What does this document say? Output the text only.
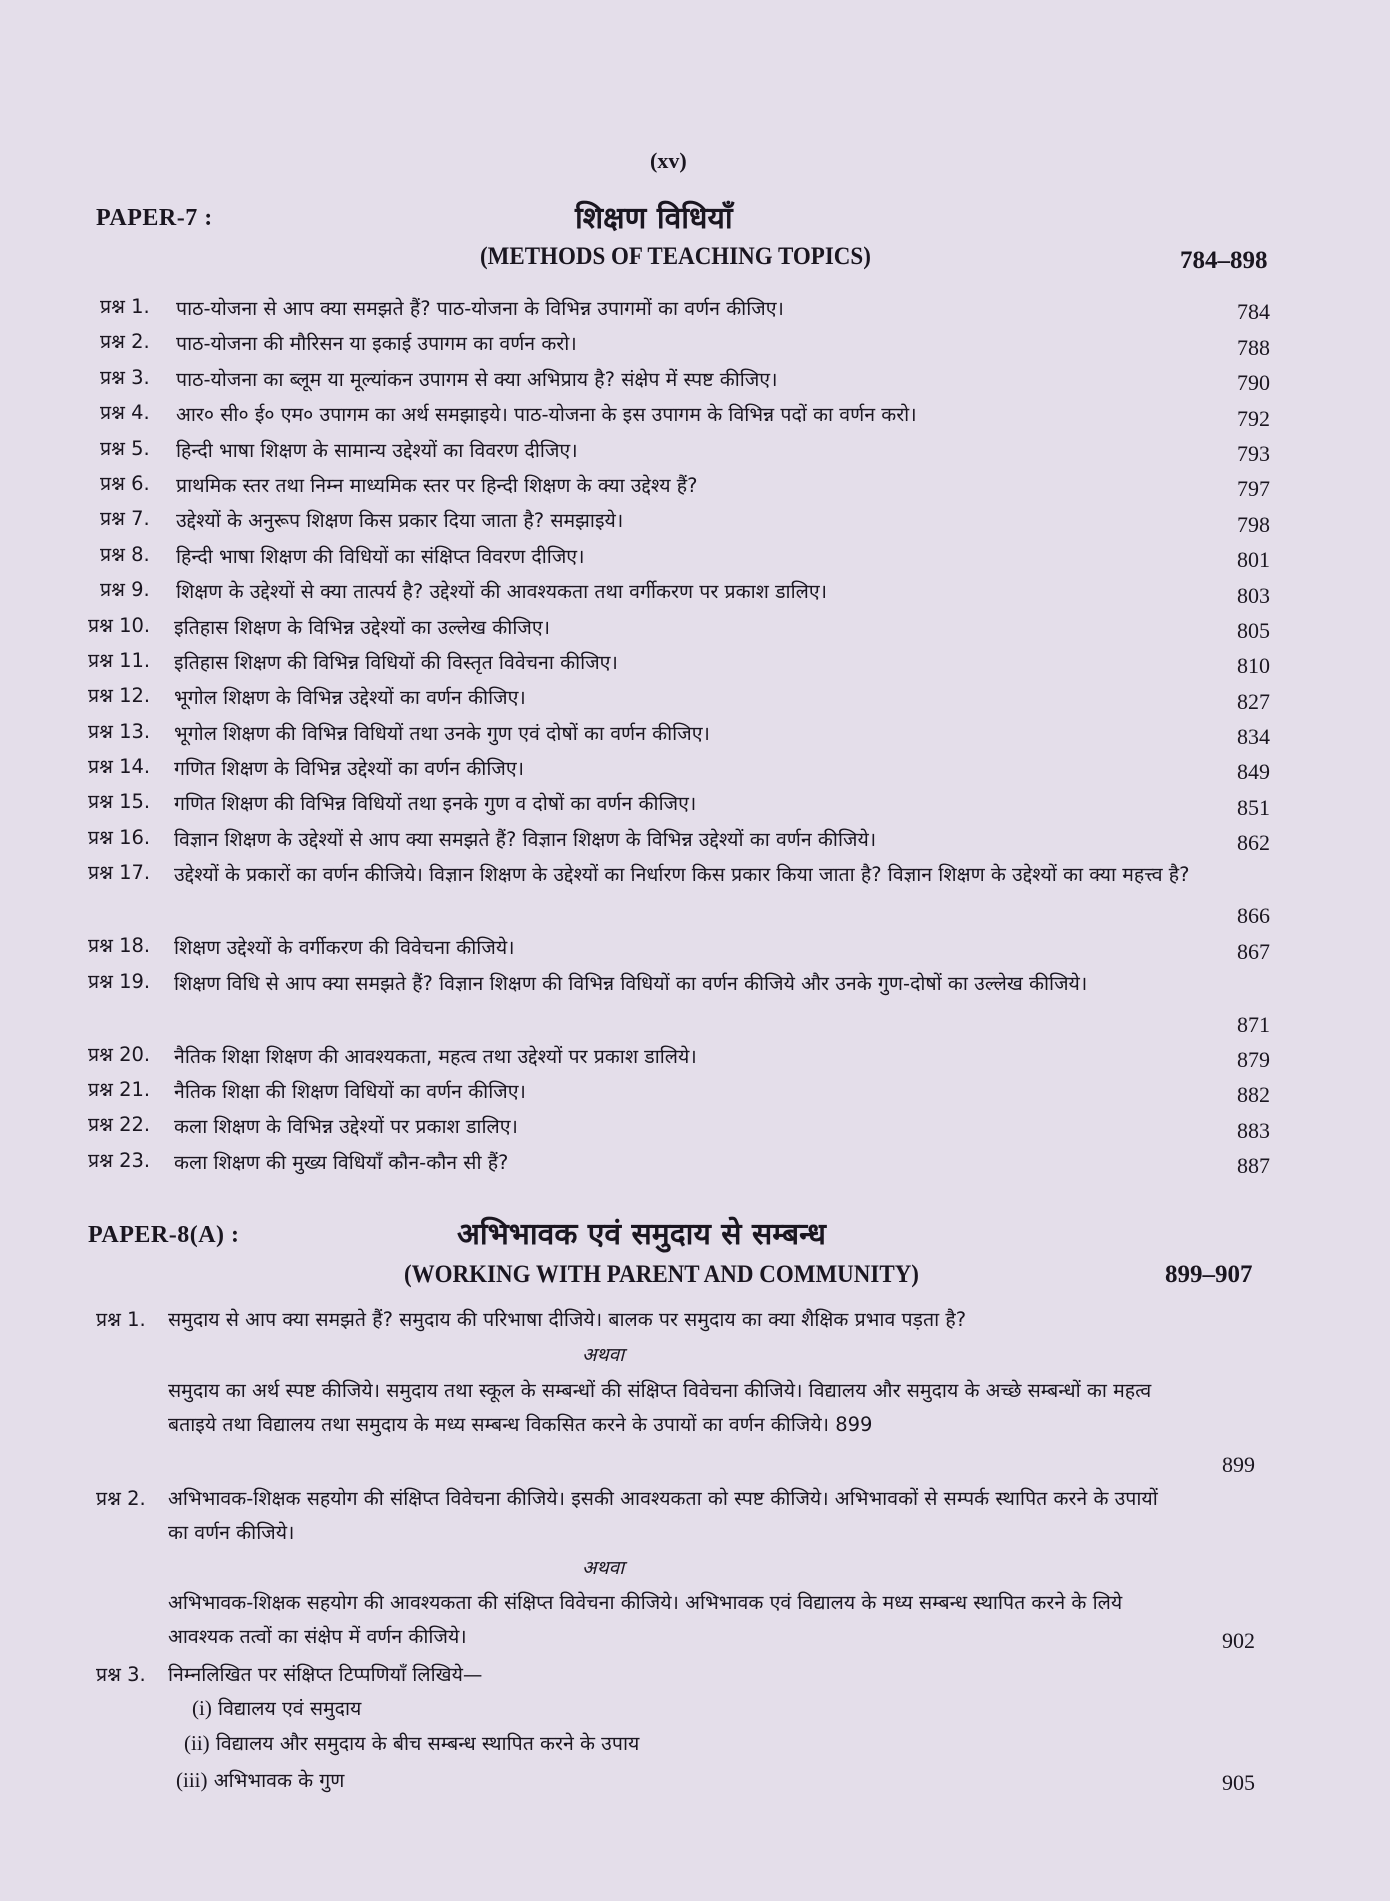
(xv)
PAPER-7 :	शिक्षण विधियाँ
(METHODS OF TEACHING TOPICS)	784–898
प्रश्न 1. पाठ-योजना से आप क्या समझते हैं? पाठ-योजना के विभिन्न उपागमों का वर्णन कीजिए।	784
प्रश्न 2. पाठ-योजना की मौरिसन या इकाई उपागम का वर्णन करो।	788
प्रश्न 3. पाठ-योजना का ब्लूम या मूल्यांकन उपागम से क्या अभिप्राय है? संक्षेप में स्पष्ट कीजिए।	790
प्रश्न 4. आर० सी० ई० एम० उपागम का अर्थ समझाइये। पाठ-योजना के इस उपागम के विभिन्न पदों का वर्णन करो।	792
प्रश्न 5. हिन्दी भाषा शिक्षण के सामान्य उद्देश्यों का विवरण दीजिए।	793
प्रश्न 6. प्राथमिक स्तर तथा निम्न माध्यमिक स्तर पर हिन्दी शिक्षण के क्या उद्देश्य हैं?	797
प्रश्न 7. उद्देश्यों के अनुरूप शिक्षण किस प्रकार दिया जाता है? समझाइये।	798
प्रश्न 8. हिन्दी भाषा शिक्षण की विधियों का संक्षिप्त विवरण दीजिए।	801
प्रश्न 9. शिक्षण के उद्देश्यों से क्या तात्पर्य है? उद्देश्यों की आवश्यकता तथा वर्गीकरण पर प्रकाश डालिए।	803
प्रश्न 10. इतिहास शिक्षण के विभिन्न उद्देश्यों का उल्लेख कीजिए।	805
प्रश्न 11. इतिहास शिक्षण की विभिन्न विधियों की विस्तृत विवेचना कीजिए।	810
प्रश्न 12. भूगोल शिक्षण के विभिन्न उद्देश्यों का वर्णन कीजिए।	827
प्रश्न 13. भूगोल शिक्षण की विभिन्न विधियों तथा उनके गुण एवं दोषों का वर्णन कीजिए।	834
प्रश्न 14. गणित शिक्षण के विभिन्न उद्देश्यों का वर्णन कीजिए।	849
प्रश्न 15. गणित शिक्षण की विभिन्न विधियों तथा इनके गुण व दोषों का वर्णन कीजिए।	851
प्रश्न 16. विज्ञान शिक्षण के उद्देश्यों से आप क्या समझते हैं? विज्ञान शिक्षण के विभिन्न उद्देश्यों का वर्णन कीजिये।	862
प्रश्न 17. उद्देश्यों के प्रकारों का वर्णन कीजिये। विज्ञान शिक्षण के उद्देश्यों का निर्धारण किस प्रकार किया जाता है? विज्ञान शिक्षण के उद्देश्यों का क्या महत्त्व है?
866
प्रश्न 18. शिक्षण उद्देश्यों के वर्गीकरण की विवेचना कीजिये।	867
प्रश्न 19. शिक्षण विधि से आप क्या समझते हैं? विज्ञान शिक्षण की विभिन्न विधियों का वर्णन कीजिये और उनके गुण-दोषों का उल्लेख कीजिये।
871
प्रश्न 20. नैतिक शिक्षा शिक्षण की आवश्यकता, महत्व तथा उद्देश्यों पर प्रकाश डालिये।	879
प्रश्न 21. नैतिक शिक्षा की शिक्षण विधियों का वर्णन कीजिए।	882
प्रश्न 22. कला शिक्षण के विभिन्न उद्देश्यों पर प्रकाश डालिए।	883
प्रश्न 23. कला शिक्षण की मुख्य विधियाँ कौन-कौन सी हैं?	887
PAPER-8(A) :	अभिभावक एवं समुदाय से सम्बन्ध
(WORKING WITH PARENT AND COMMUNITY)	899–907
प्रश्न 1. समुदाय से आप क्या समझते हैं? समुदाय की परिभाषा दीजिये। बालक पर समुदाय का क्या शैक्षिक प्रभाव पड़ता है?
अथवा
समुदाय का अर्थ स्पष्ट कीजिये। समुदाय तथा स्कूल के सम्बन्धों की संक्षिप्त विवेचना कीजिये। विद्यालय और समुदाय के अच्छे सम्बन्धों का महत्व बताइये तथा विद्यालय तथा समुदाय के मध्य सम्बन्ध विकसित करने के उपायों का वर्णन कीजिये। 899
899
प्रश्न 2. अभिभावक-शिक्षक सहयोग की संक्षिप्त विवेचना कीजिये। इसकी आवश्यकता को स्पष्ट कीजिये। अभिभावकों से सम्पर्क स्थापित करने के उपायों का वर्णन कीजिये।
अथवा
अभिभावक-शिक्षक सहयोग की आवश्यकता की संक्षिप्त विवेचना कीजिये। अभिभावक एवं विद्यालय के मध्य सम्बन्ध स्थापित करने के लिये आवश्यक तत्वों का संक्षेप में वर्णन कीजिये।	902
प्रश्न 3. निम्नलिखित पर संक्षिप्त टिप्पणियाँ लिखिये—
(i) विद्यालय एवं समुदाय
(ii) विद्यालय और समुदाय के बीच सम्बन्ध स्थापित करने के उपाय
(iii) अभिभावक के गुण	905
